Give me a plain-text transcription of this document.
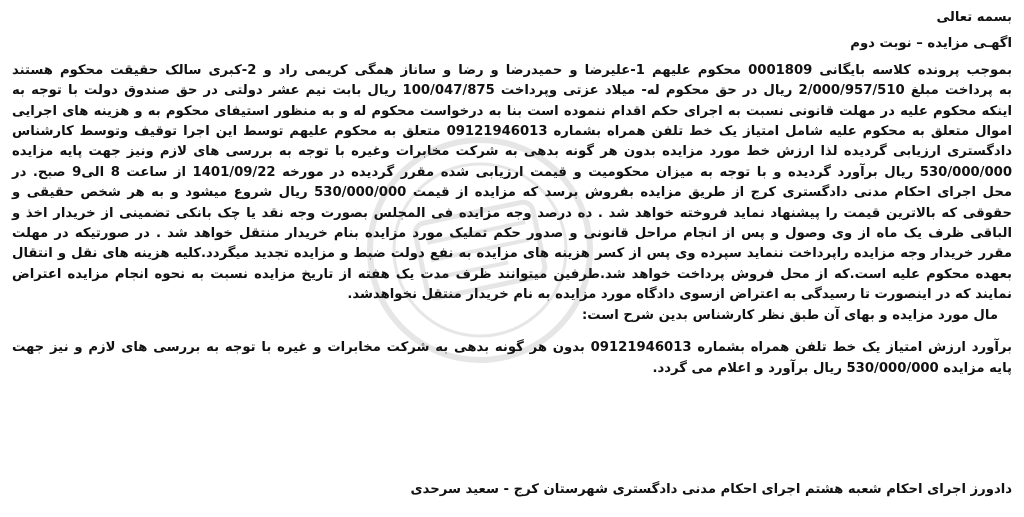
بسمه تعالی
اگهـی مزایده – نوبت دوم
بموجب پرونده کلاسه بایگانی 0001809 محکوم علیهم 1-علیرضا و حمیدرضا و رضا و ساناز همگی کریمی راد و 2-کبری سالک حقیقت محکوم هستند
به پرداخت مبلغ 2/000/957/510 ریال در حق محکوم له- میلاد عزتی وپرداخت 100/047/875 ریال بابت نیم عشر دولتی در حق صندوق دولت با توجه به
اینکه محکوم علیه در مهلت قانونی نسبت به اجرای حکم اقدام ننموده است بنا به درخواست محکوم له و به منظور استیفای محکوم به و هزینه های اجرایی
اموال متعلق به محکوم علیه شامل امتیاز یک خط تلفن همراه بشماره 09121946013 متعلق به محکوم علیهم توسط این اجرا توقیف وتوسط کارشناس
دادگستری ارزیابی گردیده لذا ارزش خط مورد مزایده بدون هر گونه بدهی به شرکت مخابرات وغیره با توجه به بررسی های لازم ونیز جهت پایه مزایده
530/000/000 ریال برآورد گردیده و با توجه به میزان محکومیت و قیمت ارزیابی شده مقرر گردیده در مورخه 1401/09/22 از ساعت 8 الی9 صبح. در
محل اجرای احکام مدنی دادگستری کرج از طریق مزایده بفروش برسد که مزایده از قیمت 530/000/000 ریال شروع میشود و به هر شخص حقیقی و
حقوقی که بالاترین قیمت را پیشنهاد نماید فروخته خواهد شد . ده درصد وجه مزایده فی المجلس بصورت وجه نقد یا چک بانکی تضمینی از خریدار اخذ و
الباقی ظرف یک ماه از وی وصول و پس از انجام مراحل قانونی و صدور حکم تملیک مورد مزایده بنام خریدار منتقل خواهد شد . در صورتیکه در مهلت
مقرر خریدار وجه مزایده راپرداخت ننماید سپرده وی پس از کسر هزینه های مزایده به نفع دولت ضبط و مزایده تجدید میگردد.کلیه هزینه های نقل و انتقال
بعهده محکوم علیه است.که از محل فروش پرداخت خواهد شد.طرفین میتوانند ظرف مدت یک هفته از تاریخ مزایده نسبت به نحوه انجام مزایده اعتراض
نمایند که در اینصورت تا رسیدگی به اعتراض ازسوی دادگاه مورد مزایده به نام خریدار منتقل نخواهدشد.
مال مورد مزایده و بهای آن طبق نظر کارشناس بدین شرح است:
برآورد ارزش امتیاز یک خط تلفن همراه بشماره 09121946013 بدون هر گونه بدهی به شرکت مخابرات و غیره با توجه به بررسی های لازم و نیز جهت
پایه مزایده 530/000/000 ریال برآورد و اعلام می گردد.
دادورز اجرای احکام شعبه هشتم اجرای احکام مدنی دادگستری شهرستان کرج - سعید سرحدی
